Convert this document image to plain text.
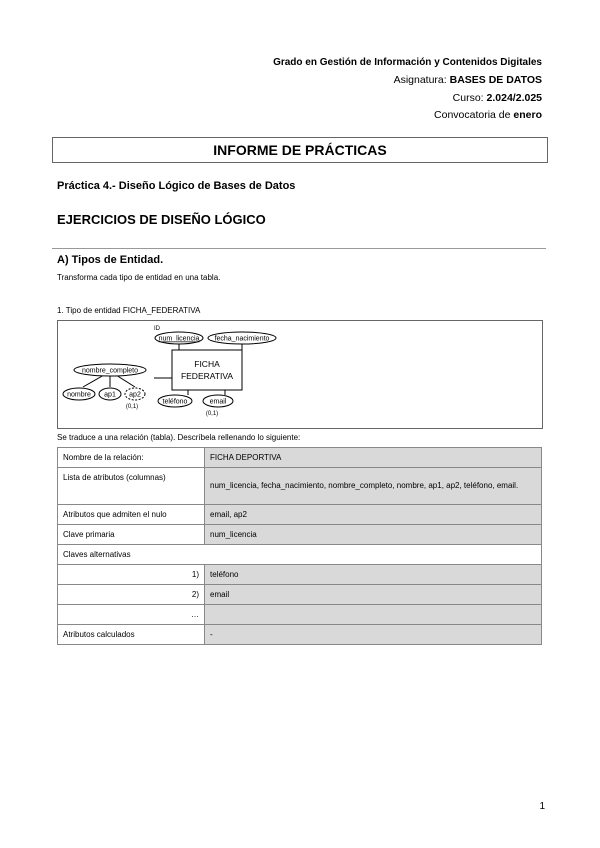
Grado en Gestión de Información y Contenidos Digitales
Asignatura: BASES DE DATOS
Curso: 2.024/2.025
Convocatoria de enero
INFORME DE PRÁCTICAS
Práctica 4.- Diseño Lógico de Bases de Datos
EJERCICIOS DE DISEÑO LÓGICO
A) Tipos de Entidad.
Transforma cada tipo de entidad en una tabla.
1. Tipo de entidad FICHA_FEDERATIVA
FICHA
FEDERATIVA
ID
num_licencia fecha_nacimiento
nombre_completo
nombre ap1 ap2
(0,1)
teléfono	email
(0,1)
Se traduce a una relación (tabla). Descríbela rellenando lo siguiente:
Nombre de la relación:	FICHA DEPORTIVA
Lista de atributos (columnas)	num_licencia, fecha_nacimiento, nombre_completo, nombre, ap1, ap2, teléfono, email.
Atributos que admiten el nulo	email, ap2
Clave primaria	num_licencia
Claves alternativas	
1)	teléfono
2)	email
…	
Atributos calculados	-
1
